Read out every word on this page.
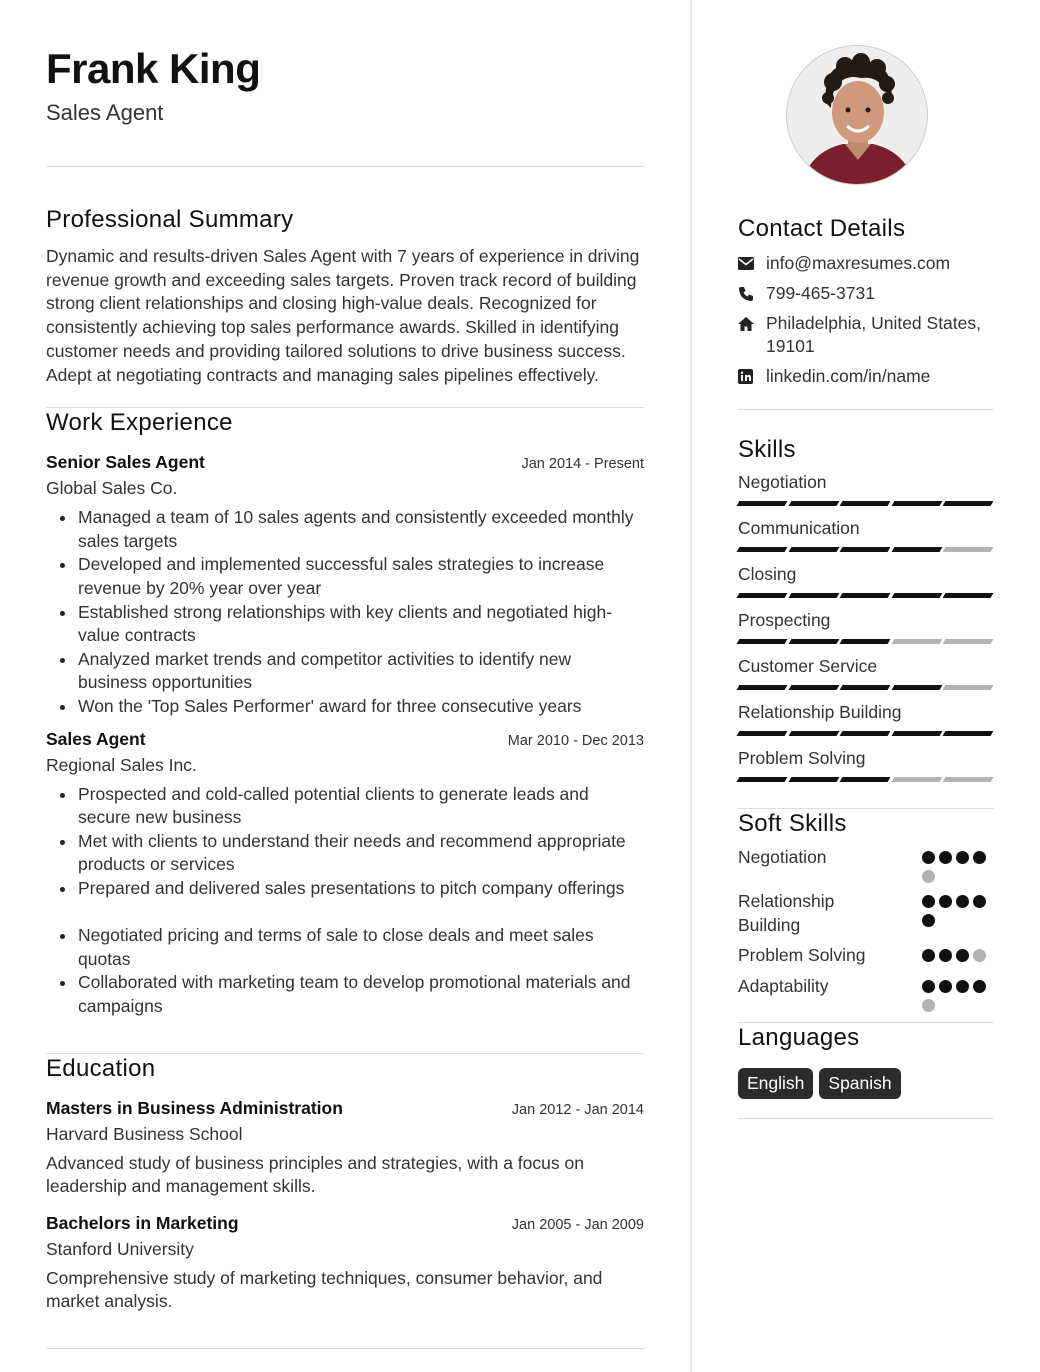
Frank King
Sales Agent
Professional Summary
Dynamic and results-driven Sales Agent with 7 years of experience in driving revenue growth and exceeding sales targets. Proven track record of building strong client relationships and closing high-value deals. Recognized for consistently achieving top sales performance awards. Skilled in identifying customer needs and providing tailored solutions to drive business success. Adept at negotiating contracts and managing sales pipelines effectively.
Work Experience
Senior Sales Agent	Jan 2014 - Present
Global Sales Co.
Managed a team of 10 sales agents and consistently exceeded monthly sales targets
Developed and implemented successful sales strategies to increase revenue by 20% year over year
Established strong relationships with key clients and negotiated high-value contracts
Analyzed market trends and competitor activities to identify new business opportunities
Won the 'Top Sales Performer' award for three consecutive years
Sales Agent	Mar 2010 - Dec 2013
Regional Sales Inc.
Prospected and cold-called potential clients to generate leads and secure new business
Met with clients to understand their needs and recommend appropriate products or services
Prepared and delivered sales presentations to pitch company offerings
Negotiated pricing and terms of sale to close deals and meet sales quotas
Collaborated with marketing team to develop promotional materials and campaigns
Education
Masters in Business Administration	Jan 2012 - Jan 2014
Harvard Business School
Advanced study of business principles and strategies, with a focus on leadership and management skills.
Bachelors in Marketing	Jan 2005 - Jan 2009
Stanford University
Comprehensive study of marketing techniques, consumer behavior, and market analysis.
Contact Details
info@maxresumes.com
799-465-3731
Philadelphia, United States, 19101
linkedin.com/in/name
Skills
Negotiation
Communication
Closing
Prospecting
Customer Service
Relationship Building
Problem Solving
Soft Skills
Negotiation
Relationship Building
Problem Solving
Adaptability
Languages
English	Spanish
